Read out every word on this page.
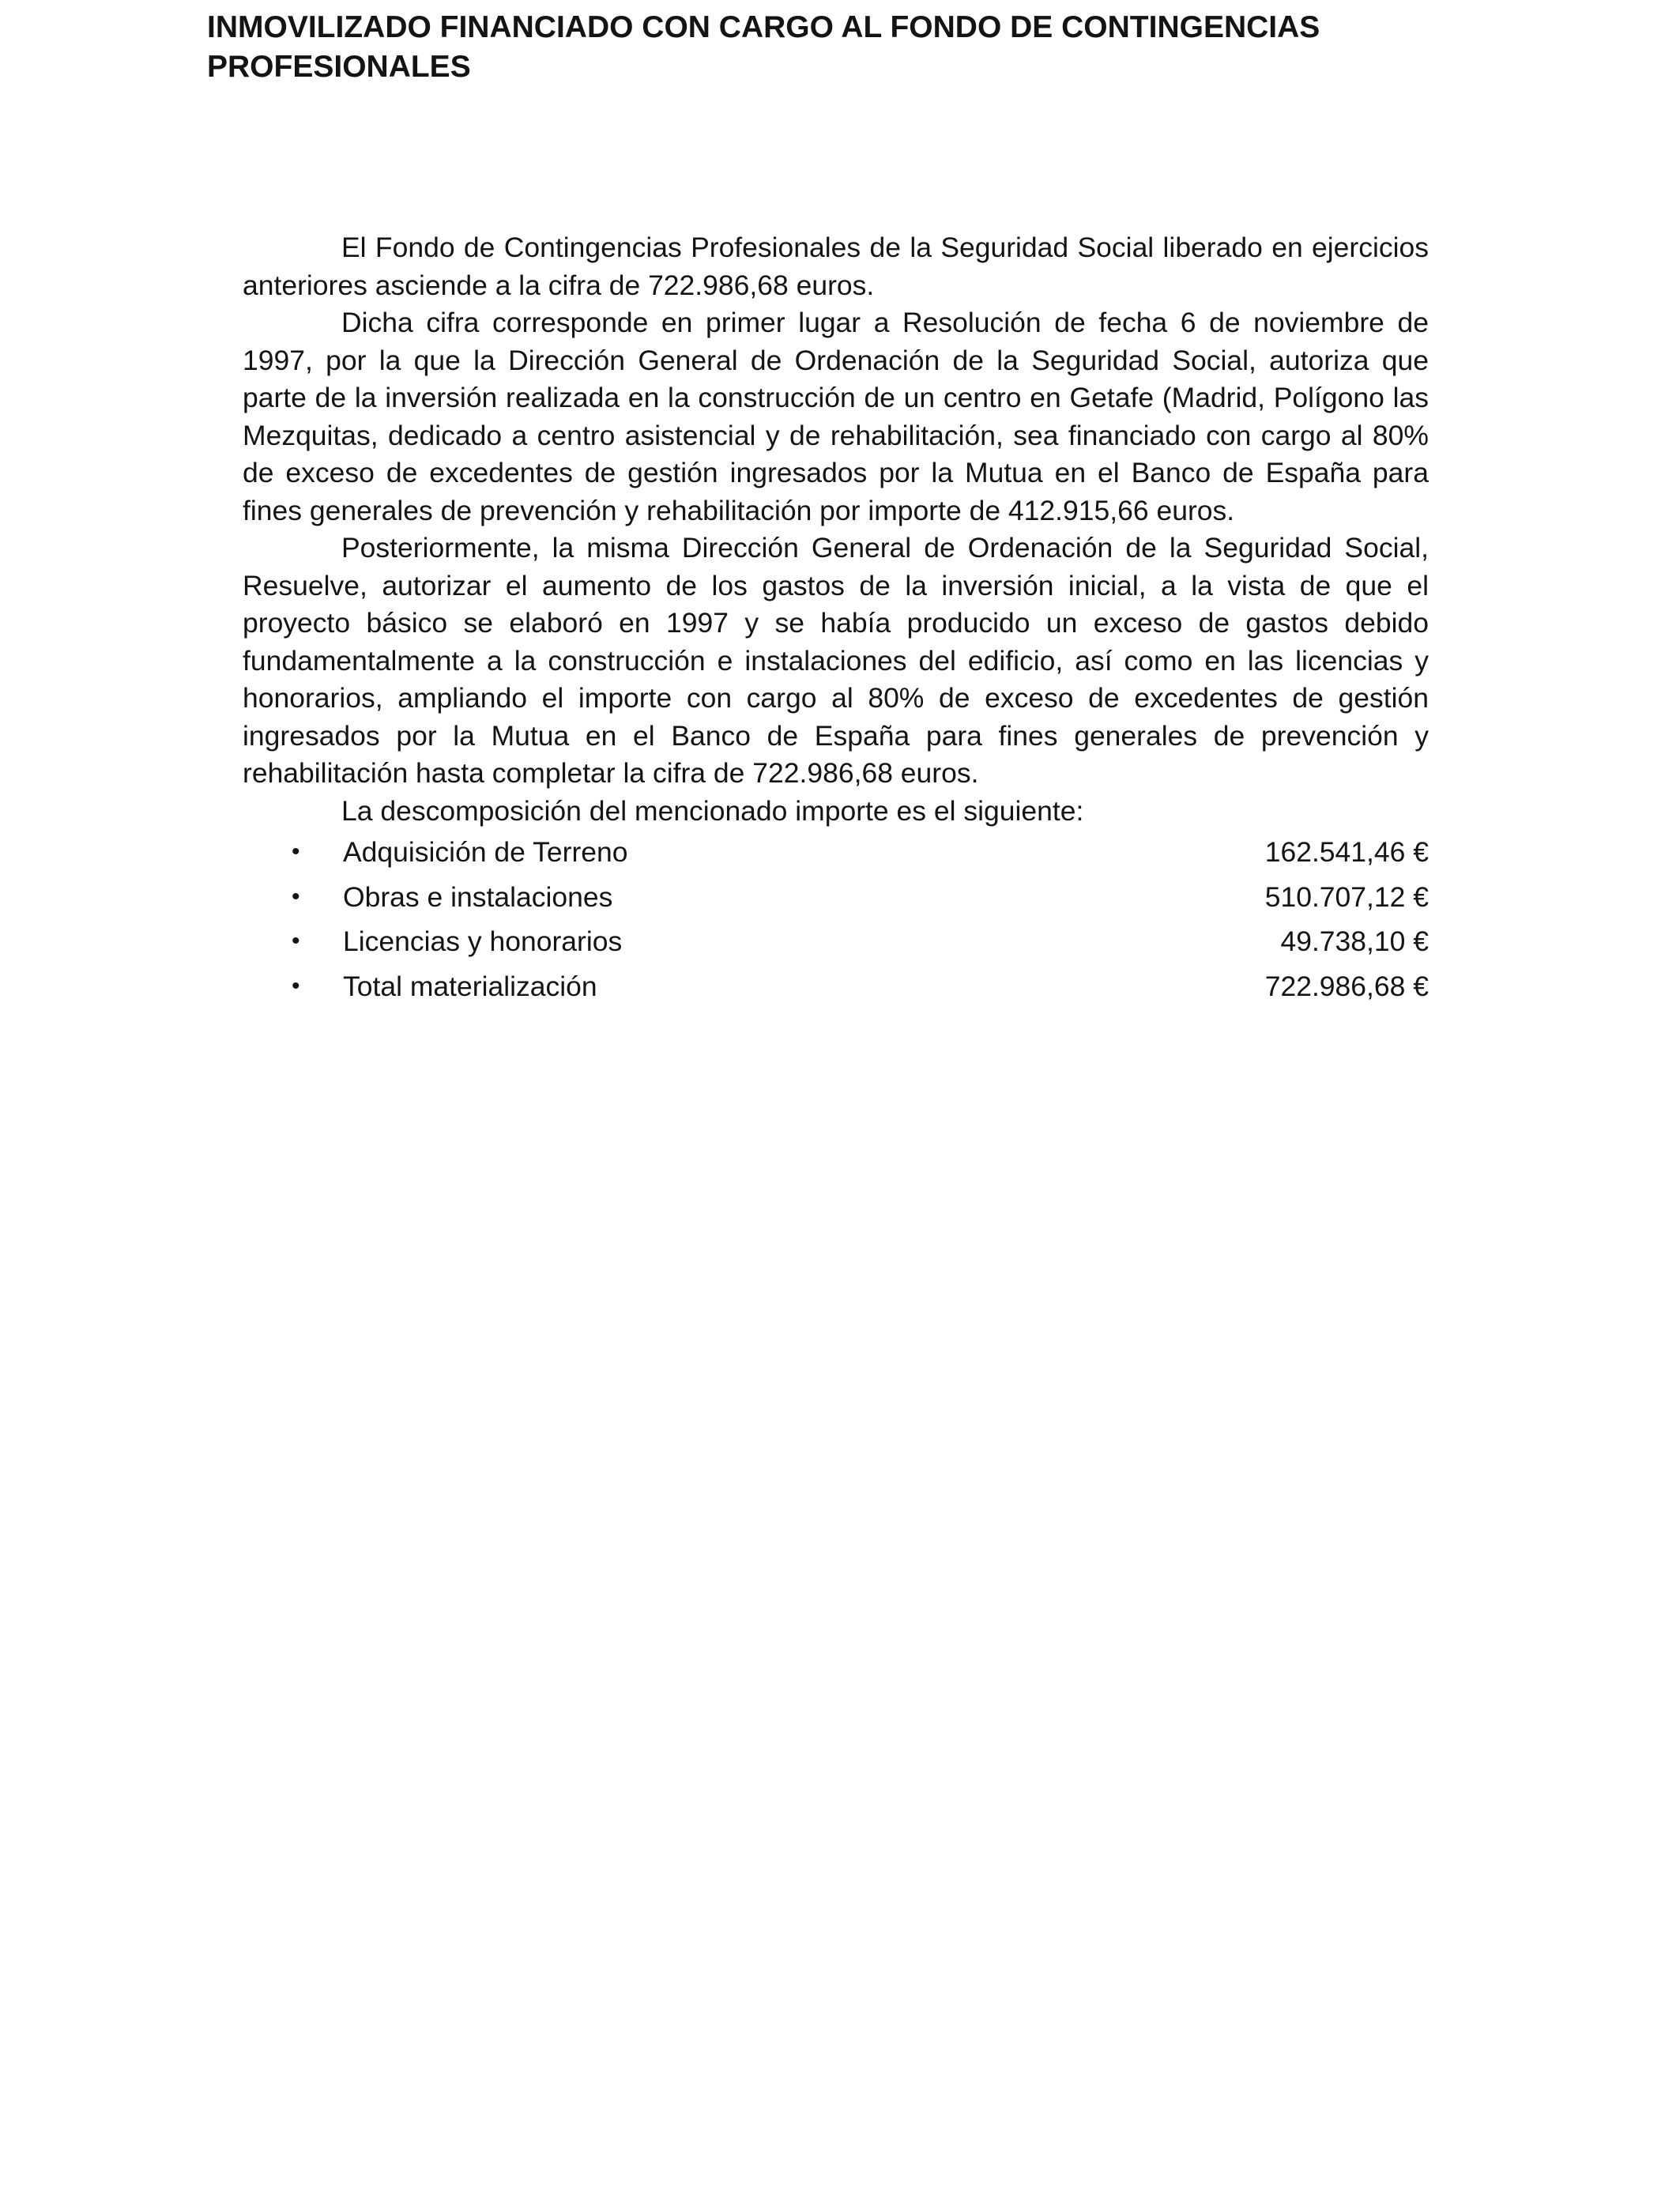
INMOVILIZADO FINANCIADO CON CARGO AL FONDO DE CONTINGENCIAS
PROFESIONALES

El Fondo de Contingencias Profesionales de la Seguridad Social liberado en ejercicios anteriores asciende a la cifra de 722.986,68 euros.

Dicha cifra corresponde en primer lugar a Resolución de fecha 6 de noviembre de 1997, por la que la Dirección General de Ordenación de la Seguridad Social, autoriza que parte de la inversión realizada en la construcción de un centro en Getafe (Madrid, Polígono las Mezquitas, dedicado a centro asistencial y de rehabilitación, sea financiado con cargo al 80% de exceso de excedentes de gestión ingresados por la Mutua en el Banco de España para fines generales de prevención y rehabilitación por importe de 412.915,66 euros.

Posteriormente, la misma Dirección General de Ordenación de la Seguridad Social, Resuelve, autorizar el aumento de los gastos de la inversión inicial, a la vista de que el proyecto básico se elaboró en 1997 y se había producido un exceso de gastos debido fundamentalmente a la construcción e instalaciones del edificio, así como en las licencias y honorarios, ampliando el importe con cargo al 80% de exceso de excedentes de gestión ingresados por la Mutua en el Banco de España para fines generales de prevención y rehabilitación hasta completar la cifra de 722.986,68 euros.

La descomposición del mencionado importe es el siguiente:

• Adquisición de Terreno	162.541,46 €
• Obras e instalaciones	510.707,12 €
• Licencias y honorarios	49.738,10 €
• Total materialización	722.986,68 €
